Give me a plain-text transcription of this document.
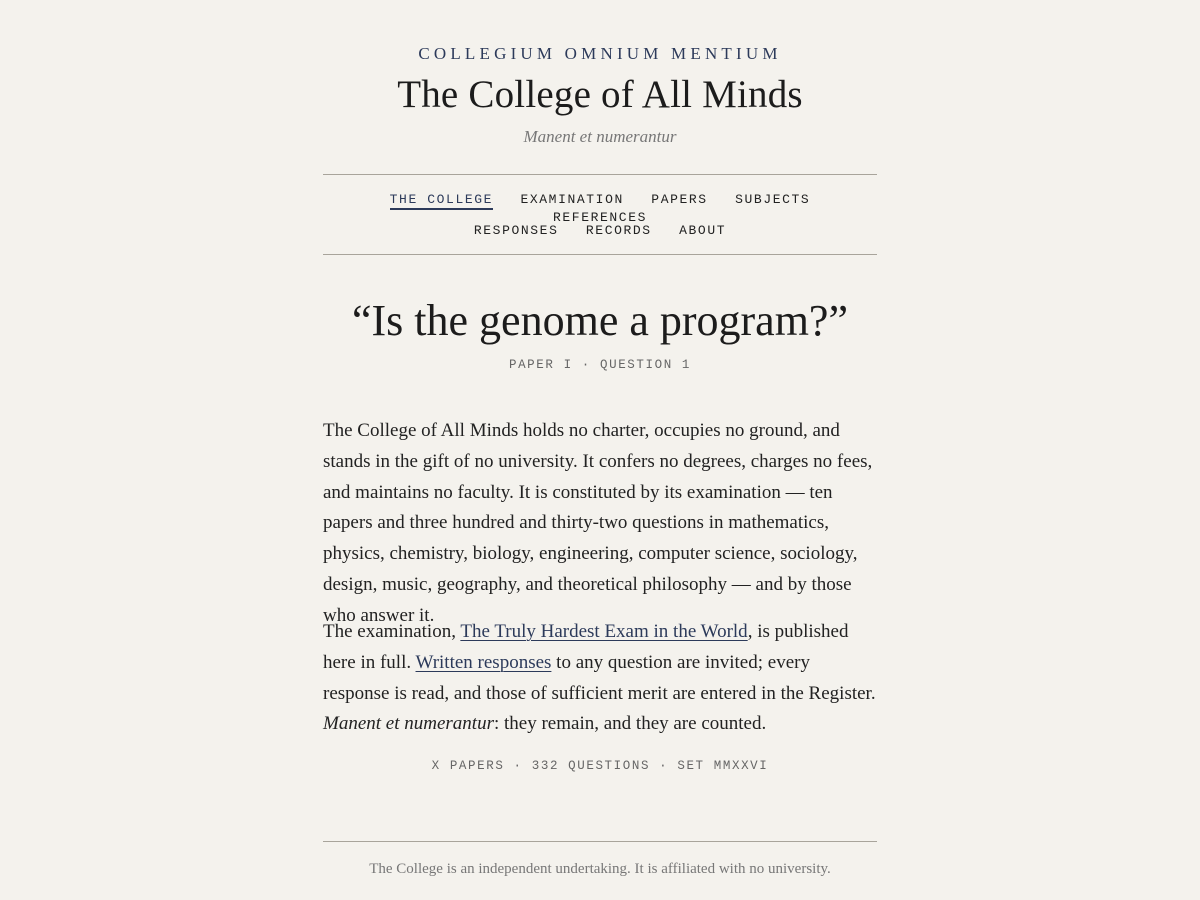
COLLEGIUM OMNIUM MENTIUM
The College of All Minds
Manent et numerantur
THE COLLEGE EXAMINATION PAPERS SUBJECTS REFERENCES
RESPONSES RECORDS ABOUT
“Is the genome a program?”
PAPER I · QUESTION 1

The College of All Minds holds no charter, occupies no ground, and stands in the gift of no university. It confers no degrees, charges no fees, and maintains no faculty. It is constituted by its examination — ten papers and three hundred and thirty-two questions in mathematics, physics, chemistry, biology, engineering, computer science, sociology, design, music, geography, and theoretical philosophy — and by those who answer it.

The examination, The Truly Hardest Exam in the World, is published here in full. Written responses to any question are invited; every response is read, and those of sufficient merit are entered in the Register. Manent et numerantur: they remain, and they are counted.

X PAPERS · 332 QUESTIONS · SET MMXXVI
The College is an independent undertaking. It is affiliated with no university.
